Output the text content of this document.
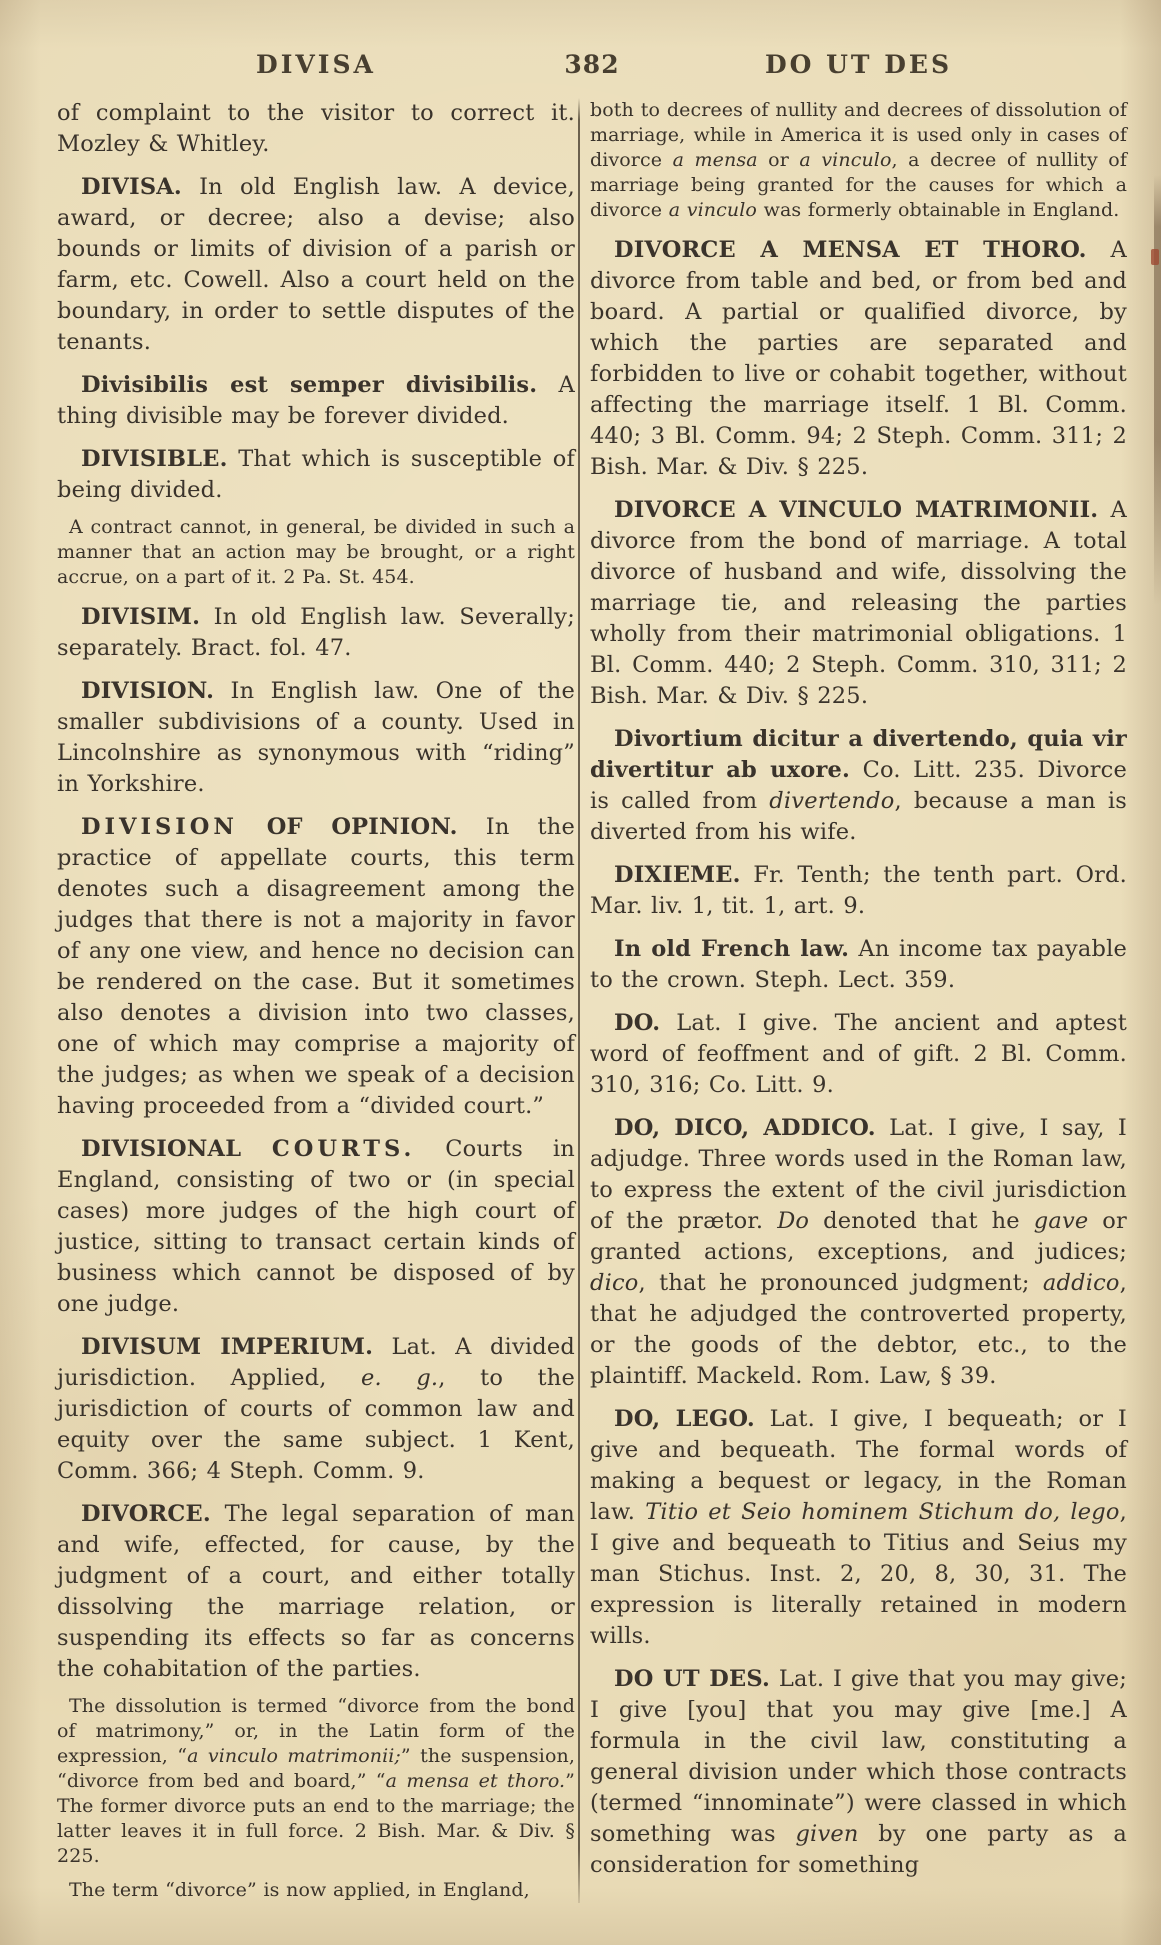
382
DIVISA	DO UT DES

of complaint to the visitor to correct it. Mozley & Whitley.

DIVISA. In old English law. A device, award, or decree; also a devise; also bounds or limits of division of a parish or farm, etc. Cowell. Also a court held on the boundary, in order to settle disputes of the tenants.

Divisibilis est semper divisibilis. A thing divisible may be forever divided.

DIVISIBLE. That which is susceptible of being divided.

A contract cannot, in general, be divided in such a manner that an action may be brought, or a right accrue, on a part of it. 2 Pa. St. 454.

DIVISIM. In old English law. Severally; separately. Bract. fol. 47.

DIVISION. In English law. One of the smaller subdivisions of a county. Used in Lincolnshire as synonymous with “riding” in Yorkshire.

DIVISION OF OPINION. In the practice of appellate courts, this term denotes such a disagreement among the judges that there is not a majority in favor of any one view, and hence no decision can be rendered on the case. But it sometimes also denotes a division into two classes, one of which may comprise a majority of the judges; as when we speak of a decision having proceeded from a “divided court.”

DIVISIONAL COURTS. Courts in England, consisting of two or (in special cases) more judges of the high court of justice, sitting to transact certain kinds of business which cannot be disposed of by one judge.

DIVISUM IMPERIUM. Lat. A divided jurisdiction. Applied, e. g., to the jurisdiction of courts of common law and equity over the same subject. 1 Kent, Comm. 366; 4 Steph. Comm. 9.

DIVORCE. The legal separation of man and wife, effected, for cause, by the judgment of a court, and either totally dissolving the marriage relation, or suspending its effects so far as concerns the cohabitation of the parties.

The dissolution is termed “divorce from the bond of matrimony,” or, in the Latin form of the expression, “a vinculo matrimonii;” the suspension, “divorce from bed and board,” “a mensa et thoro.” The former divorce puts an end to the marriage; the latter leaves it in full force. 2 Bish. Mar. & Div. § 225.

The term “divorce” is now applied, in England,

both to decrees of nullity and decrees of dissolution of marriage, while in America it is used only in cases of divorce a mensa or a vinculo, a decree of nullity of marriage being granted for the causes for which a divorce a vinculo was formerly obtainable in England.

DIVORCE A MENSA ET THORO. A divorce from table and bed, or from bed and board. A partial or qualified divorce, by which the parties are separated and forbidden to live or cohabit together, without affecting the marriage itself. 1 Bl. Comm. 440; 3 Bl. Comm. 94; 2 Steph. Comm. 311; 2 Bish. Mar. & Div. § 225.

DIVORCE A VINCULO MATRIMONII. A divorce from the bond of marriage. A total divorce of husband and wife, dissolving the marriage tie, and releasing the parties wholly from their matrimonial obligations. 1 Bl. Comm. 440; 2 Steph. Comm. 310, 311; 2 Bish. Mar. & Div. § 225.

Divortium dicitur a divertendo, quia vir divertitur ab uxore. Co. Litt. 235. Divorce is called from divertendo, because a man is diverted from his wife.

DIXIEME. Fr. Tenth; the tenth part. Ord. Mar. liv. 1, tit. 1, art. 9.

In old French law. An income tax payable to the crown. Steph. Lect. 359.

DO. Lat. I give. The ancient and aptest word of feoffment and of gift. 2 Bl. Comm. 310, 316; Co. Litt. 9.

DO, DICO, ADDICO. Lat. I give, I say, I adjudge. Three words used in the Roman law, to express the extent of the civil jurisdiction of the prætor. Do denoted that he gave or granted actions, exceptions, and judices; dico, that he pronounced judgment; addico, that he adjudged the controverted property, or the goods of the debtor, etc., to the plaintiff. Mackeld. Rom. Law, § 39.

DO, LEGO. Lat. I give, I bequeath; or I give and bequeath. The formal words of making a bequest or legacy, in the Roman law. Titio et Seio hominem Stichum do, lego, I give and bequeath to Titius and Seius my man Stichus. Inst. 2, 20, 8, 30, 31. The expression is literally retained in modern wills.

DO UT DES. Lat. I give that you may give; I give [you] that you may give [me.] A formula in the civil law, constituting a general division under which those contracts (termed “innominate”) were classed in which something was given by one party as a consideration for something
